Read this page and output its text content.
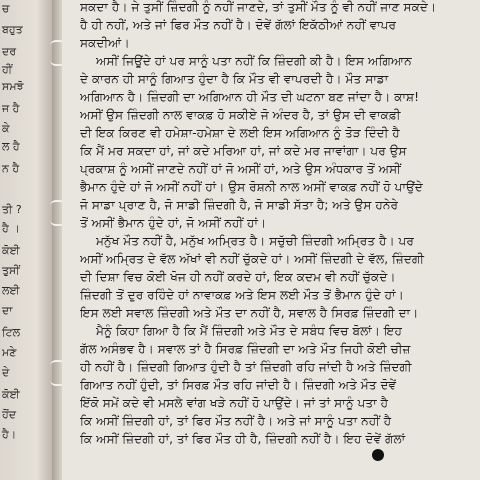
ਚ
ਬਹੁਤ
ਦਰ
ਹੀਂ
ਸਮਝੋ
ਜ ਹੈ
ਕੇ
ਲ ਹੈ
ਨ ਹੈ
ਤੀ ?
ਹੈ ।
ਕੋਈ
ਤੁਸੀਂ
ਲਈ
ਦਾ
ਟਿਲ
ਮਣੇ
ਦੇ
ਕੋਈ
ਹੋਂਦ
ਹੈ।
ਸਕਦਾ ਹੈ। ਜੇ ਤੁਸੀਂ ਜ਼ਿੰਦਗੀ ਨੂੰ ਨਹੀਂ ਜਾਣਦੇ, ਤਾਂ ਤੁਸੀਂ ਮੌਤ ਨੂੰ ਵੀ ਨਹੀਂ ਜਾਣ ਸਕਦੇ।
ਹੈ ਹੀ ਨਹੀਂ, ਅਤੇ ਜਾਂ ਫਿਰ ਮੌਤ ਨਹੀਂ ਹੈ। ਦੋਵੇਂ ਗੱਲਾਂ ਇਕੱਠੀਆਂ ਨਹੀਂ ਵਾਪਰ
ਸਕਦੀਆਂ।
ਅਸੀਂ ਜਿਊਂਦੇ ਹਾਂ ਪਰ ਸਾਨੂੰ ਪਤਾ ਨਹੀਂ ਕਿ ਜ਼ਿੰਦਗੀ ਕੀ ਹੈ। ਇਸ ਅਗਿਆਨ
ਦੇ ਕਾਰਨ ਹੀ ਸਾਨੂੰ ਗਿਆਤ ਹੁੰਦਾ ਹੈ ਕਿ ਮੌਤ ਵੀ ਵਾਪਰਦੀ ਹੈ। ਮੌਤ ਸਾਡਾ
ਅਗਿਆਨ ਹੈ। ਜ਼ਿੰਦਗੀ ਦਾ ਅਗਿਆਨ ਹੀ ਮੌਤ ਦੀ ਘਟਨਾ ਬਣ ਜਾਂਦਾ ਹੈ। ਕਾਸ਼!
ਅਸੀਂ ਉਸ ਜ਼ਿੰਦਗੀ ਨਾਲ ਵਾਕਫ਼ ਹੋ ਸਕੀਏ ਜੋ ਅੰਦਰ ਹੈ, ਤਾਂ ਉਸ ਦੀ ਵਾਕਫ਼ੀ
ਦੀ ਇਕ ਕਿਰਣ ਵੀ ਹਮੇਸ਼ਾ-ਹਮੇਸ਼ਾ ਦੇ ਲਈ ਇਸ ਅਗਿਆਨ ਨੂੰ ਤੋੜ ਦਿੰਦੀ ਹੈ
ਕਿ ਮੈਂ ਮਰ ਸਕਦਾ ਹਾਂ, ਜਾਂ ਕਦੇ ਮਰਿਆ ਹਾਂ, ਜਾਂ ਕਦੇ ਮਰ ਜਾਵਾਂਗਾ। ਪਰ ਉਸ
ਪ੍ਰਕਾਸ਼ ਨੂੰ ਅਸੀਂ ਜਾਣਦੇ ਨਹੀਂ ਹਾਂ ਜੋ ਅਸੀਂ ਹਾਂ, ਅਤੇ ਉਸ ਅੰਧਕਾਰ ਤੋਂ ਅਸੀਂ
ਭੈਮਾਨ ਹੁੰਦੇ ਹਾਂ ਜੋ ਅਸੀਂ ਨਹੀਂ ਹਾਂ। ਉਸ ਰੋਸ਼ਨੀ ਨਾਲ ਅਸੀਂ ਵਾਕਫ਼ ਨਹੀਂ ਹੋ ਪਾਉਂਦੇ
ਜੋ ਸਾਡਾ ਪ੍ਰਾਣ ਹੈ, ਜੋ ਸਾਡੀ ਜ਼ਿੰਦਗੀ ਹੈ, ਜੋ ਸਾਡੀ ਸੱਤਾ ਹੈ; ਅਤੇ ਉਸ ਹਨੇਰੇ
ਤੋਂ ਅਸੀਂ ਭੈਮਾਨ ਹੁੰਦੇ ਹਾਂ, ਜੋ ਅਸੀਂ ਨਹੀਂ ਹਾਂ।
ਮਨੁੱਖ ਮੌਤ ਨਹੀਂ ਹੈ, ਮਨੁੱਖ ਅਮ੍ਰਿਤ ਹੈ। ਸਚੁੱਚੀ ਜ਼ਿੰਦਗੀ ਅਮ੍ਰਿਤ ਹੈ। ਪਰ
ਅਸੀਂ ਅਮ੍ਰਿਤ ਦੇ ਵੱਲ ਅੱਖਾਂ ਵੀ ਨਹੀਂ ਚੁੱਕਦੇ ਹਾਂ। ਅਸੀਂ ਜ਼ਿੰਦਗੀ ਦੇ ਵੱਲ, ਜ਼ਿੰਦਗੀ
ਦੀ ਦਿਸ਼ਾ ਵਿਚ ਕੋਈ ਖੋਜ ਹੀ ਨਹੀਂ ਕਰਦੇ ਹਾਂ, ਇਕ ਕਦਮ ਵੀ ਨਹੀਂ ਚੁੱਕਦੇ।
ਜ਼ਿੰਦਗੀ ਤੋਂ ਦੂਰ ਰਹਿੰਦੇ ਹਾਂ ਨਾਵਾਕਫ਼ ਅਤੇ ਇਸ ਲਈ ਮੌਤ ਤੋਂ ਭੈਮਾਨ ਹੁੰਦੇ ਹਾਂ।
ਇਸ ਲਈ ਸਵਾਲ ਜ਼ਿੰਦਗੀ ਅਤੇ ਮੌਤ ਦਾ ਨਹੀਂ ਹੈ, ਸਵਾਲ ਹੈ ਸਿਰਫ਼ ਜ਼ਿੰਦਗੀ ਦਾ।
ਮੈਨੂੰ ਕਿਹਾ ਗਿਆ ਹੈ ਕਿ ਮੈਂ ਜ਼ਿੰਦਗੀ ਅਤੇ ਮੌਤ ਦੇ ਸਬੰਧ ਵਿਚ ਬੋਲਾਂ। ਇਹ
ਗੱਲ ਅਸੰਭਵ ਹੈ। ਸਵਾਲ ਤਾਂ ਹੈ ਸਿਰਫ਼ ਜ਼ਿੰਦਗੀ ਦਾ ਅਤੇ ਮੌਤ ਜਿਹੀ ਕੋਈ ਚੀਜ਼
ਹੀ ਨਹੀਂ ਹੈ। ਜ਼ਿੰਦਗੀ ਗਿਆਤ ਹੁੰਦੀ ਹੈ ਤਾਂ ਜ਼ਿੰਦਗੀ ਰਹਿ ਜਾਂਦੀ ਹੈ ਅਤੇ ਜ਼ਿੰਦਗੀ
ਗਿਆਤ ਨਹੀਂ ਹੁੰਦੀ, ਤਾਂ ਸਿਰਫ਼ ਮੌਤ ਰਹਿ ਜਾਂਦੀ ਹੈ। ਜ਼ਿੰਦਗੀ ਅਤੇ ਮੌਤ ਦੋਵੇਂ
ਇੱਕੋ ਸਮੇਂ ਕਦੇ ਵੀ ਮਸਲੇ ਵਾਂਗ ਖੜੇ ਨਹੀਂ ਹੋ ਪਾਉਂਦੇ। ਜਾਂ ਤਾਂ ਸਾਨੂੰ ਪਤਾ ਹੈ
ਕਿ ਅਸੀਂ ਜ਼ਿੰਦਗੀ ਹਾਂ, ਤਾਂ ਫਿਰ ਮੌਤ ਨਹੀਂ ਹੈ। ਅਤੇ ਜਾਂ ਸਾਨੂੰ ਪਤਾ ਨਹੀਂ ਹੈ
ਕਿ ਅਸੀਂ ਜ਼ਿੰਦਗੀ ਹਾਂ, ਤਾਂ ਫਿਰ ਮੌਤ ਹੀ ਹੈ, ਜ਼ਿੰਦਗੀ ਨਹੀਂ ਹੈ। ਇਹ ਦੋਵੇਂ ਗੱਲਾਂ
